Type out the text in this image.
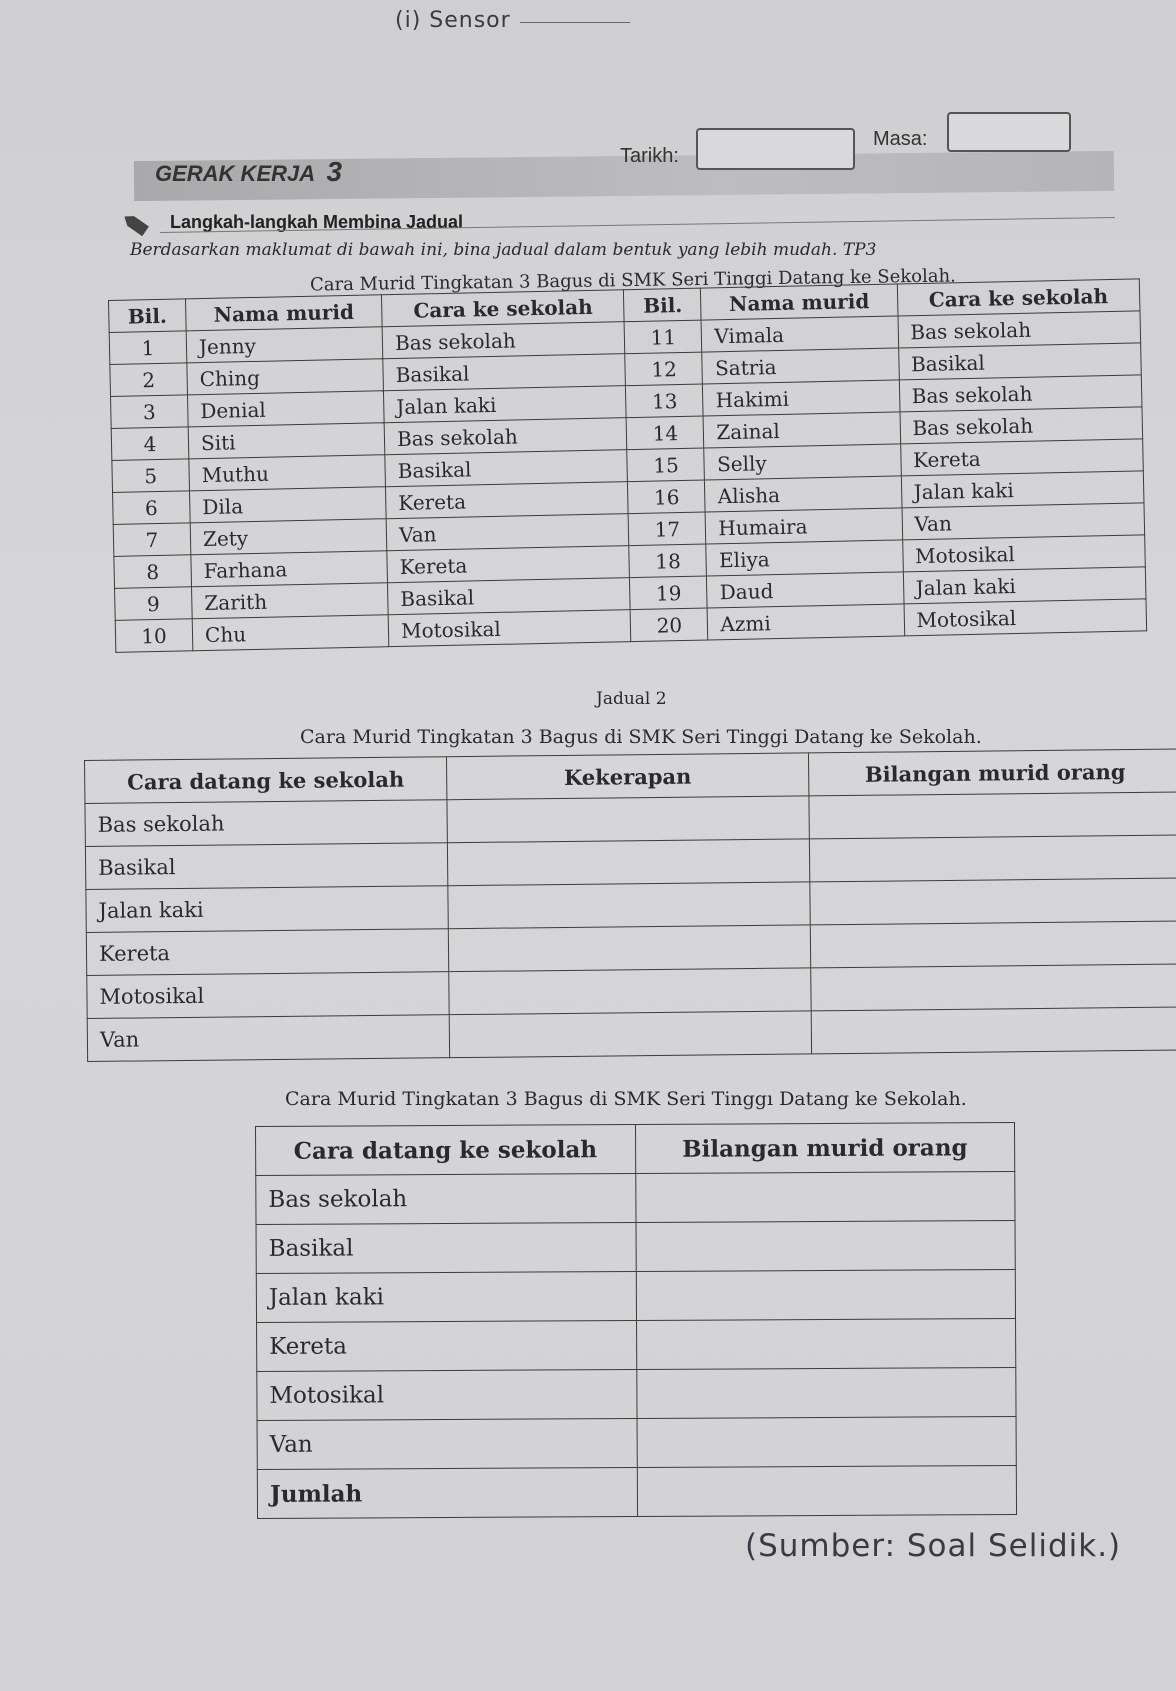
(i) Sensor
GERAK KERJA 3	Tarikh:
Masa:
Langkah-langkah Membina Jadual
Berdasarkan maklumat di bawah ini, bina jadual dalam bentuk yang lebih mudah. TP3
Cara Murid Tingkatan 3 Bagus di SMK Seri Tinggi Datang ke Sekolah.
Bil.	Nama murid	Cara ke sekolah	Bil.	Nama murid	Cara ke sekolah
1	Jenny	Bas sekolah	11	Vimala	Bas sekolah
2	Ching	Basikal	12	Satria	Basikal
3	Denial	Jalan kaki	13	Hakimi	Bas sekolah
4	Siti	Bas sekolah	14	Zainal	Bas sekolah
5	Muthu	Basikal	15	Selly	Kereta
6	Dila	Kereta	16	Alisha	Jalan kaki
7	Zety	Van	17	Humaira	Van
8	Farhana	Kereta	18	Eliya	Motosikal
9	Zarith	Basikal	19	Daud	Jalan kaki
10	Chu	Motosikal	20	Azmi	Motosikal
Jadual 2
Cara Murid Tingkatan 3 Bagus di SMK Seri Tinggi Datang ke Sekolah.
Cara datang ke sekolah	Kekerapan	Bilangan murid orang
Bas sekolah		
Basikal		
Jalan kaki		
Kereta		
Motosikal		
Van		
Cara Murid Tingkatan 3 Bagus di SMK Seri Tinggı Datang ke Sekolah.
Cara datang ke sekolah	Bilangan murid orang
Bas sekolah	
Basikal	
Jalan kaki	
Kereta	
Motosikal	
Van	
Jumlah	
(Sumber: Soal Selidik.)
